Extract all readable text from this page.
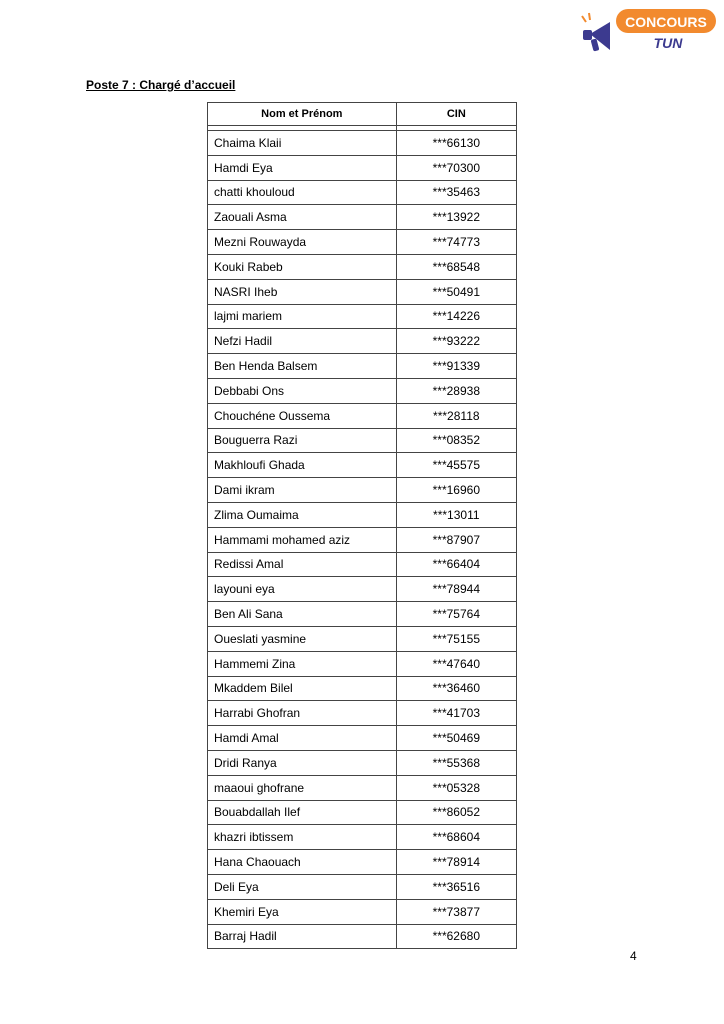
CONCOURS
TUN
Poste 7 : Chargé d’accueil
Nom et Prénom	CIN

Chaima Klaii	***66130
Hamdi Eya	***70300
chatti khouloud	***35463
Zaouali Asma	***13922
Mezni Rouwayda	***74773
Kouki Rabeb	***68548
NASRI Iheb	***50491
lajmi mariem	***14226
Nefzi Hadil	***93222
Ben Henda Balsem	***91339
Debbabi Ons	***28938
Chouchéne Oussema	***28118
Bouguerra Razi	***08352
Makhloufi Ghada	***45575
Dami ikram	***16960
Zlima Oumaima	***13011
Hammami mohamed aziz	***87907
Redissi Amal	***66404
layouni eya	***78944
Ben Ali Sana	***75764
Oueslati yasmine	***75155
Hammemi Zina	***47640
Mkaddem Bilel	***36460
Harrabi Ghofran	***41703
Hamdi Amal	***50469
Dridi Ranya	***55368
maaoui ghofrane	***05328
Bouabdallah Ilef	***86052
khazri ibtissem	***68604
Hana Chaouach	***78914
Deli Eya	***36516
Khemiri Eya	***73877
Barraj Hadil	***62680
4
